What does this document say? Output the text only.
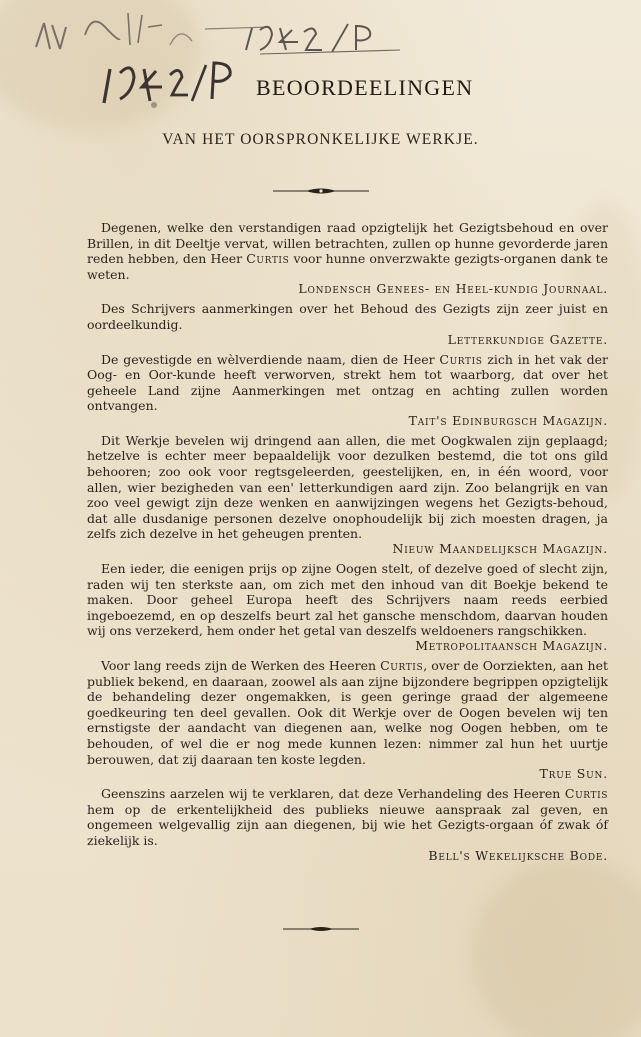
BEOORDEELINGEN
VAN HET OORSPRONKELIJKE WERKJE.

Degenen, welke den verstandigen raad opzigtelijk het Gezigtsbehoud en over Brillen, in dit Deeltje vervat, willen betrachten, zullen op hunne gevorderde jaren reden hebben, den Heer Curtis voor hunne onverzwakte gezigts-organen dank te weten.

Londensch Genees- en Heel-kundig Journaal.

Des Schrijvers aanmerkingen over het Behoud des Gezigts zijn zeer juist en oordeelkundig.

Letterkundige Gazette.

De gevestigde en wèlverdiende naam, dien de Heer Curtis zich in het vak der Oog- en Oor-kunde heeft verworven, strekt hem tot waarborg, dat over het geheele Land zijne Aanmerkingen met ontzag en achting zullen worden ontvangen.

Tait's Edinburgsch Magazijn.

Dit Werkje bevelen wij dringend aan allen, die met Oogkwalen zijn geplaagd; hetzelve is echter meer bepaaldelijk voor dezulken bestemd, die tot ons gild behooren; zoo ook voor regtsgeleerden, geestelijken, en, in één woord, voor allen, wier bezigheden van een' letterkundigen aard zijn. Zoo belangrijk en van zoo veel gewigt zijn deze wenken en aanwijzingen wegens het Gezigts-behoud, dat alle dusdanige personen dezelve onophoudelijk bij zich moesten dragen, ja zelfs zich dezelve in het geheugen prenten.

Nieuw Maandelijksch Magazijn.

Een ieder, die eenigen prijs op zijne Oogen stelt, of dezelve goed of slecht zijn, raden wij ten sterkste aan, om zich met den inhoud van dit Boekje bekend te maken. Door geheel Europa heeft des Schrijvers naam reeds eerbied ingeboezemd, en op deszelfs beurt zal het gansche menschdom, daarvan houden wij ons verzekerd, hem onder het getal van deszelfs weldoeners rangschikken.

Metropolitaansch Magazijn.

Voor lang reeds zijn de Werken des Heeren Curtis, over de Oorziekten, aan het publiek bekend, en daaraan, zoowel als aan zijne bijzondere begrippen opzigtelijk de behandeling dezer ongemakken, is geen geringe graad der algemeene goedkeuring ten deel gevallen. Ook dit Werkje over de Oogen bevelen wij ten ernstigste der aandacht van diegenen aan, welke nog Oogen hebben, om te behouden, of wel die er nog mede kunnen lezen: nimmer zal hun het uurtje berouwen, dat zij daaraan ten koste legden.

True Sun.

Geenszins aarzelen wij te verklaren, dat deze Verhandeling des Heeren Curtis hem op de erkentelijkheid des publieks nieuwe aanspraak zal geven, en ongemeen welgevallig zijn aan diegenen, bij wie het Gezigts-orgaan óf zwak óf ziekelijk is.

Bell's Wekelijksche Bode.
